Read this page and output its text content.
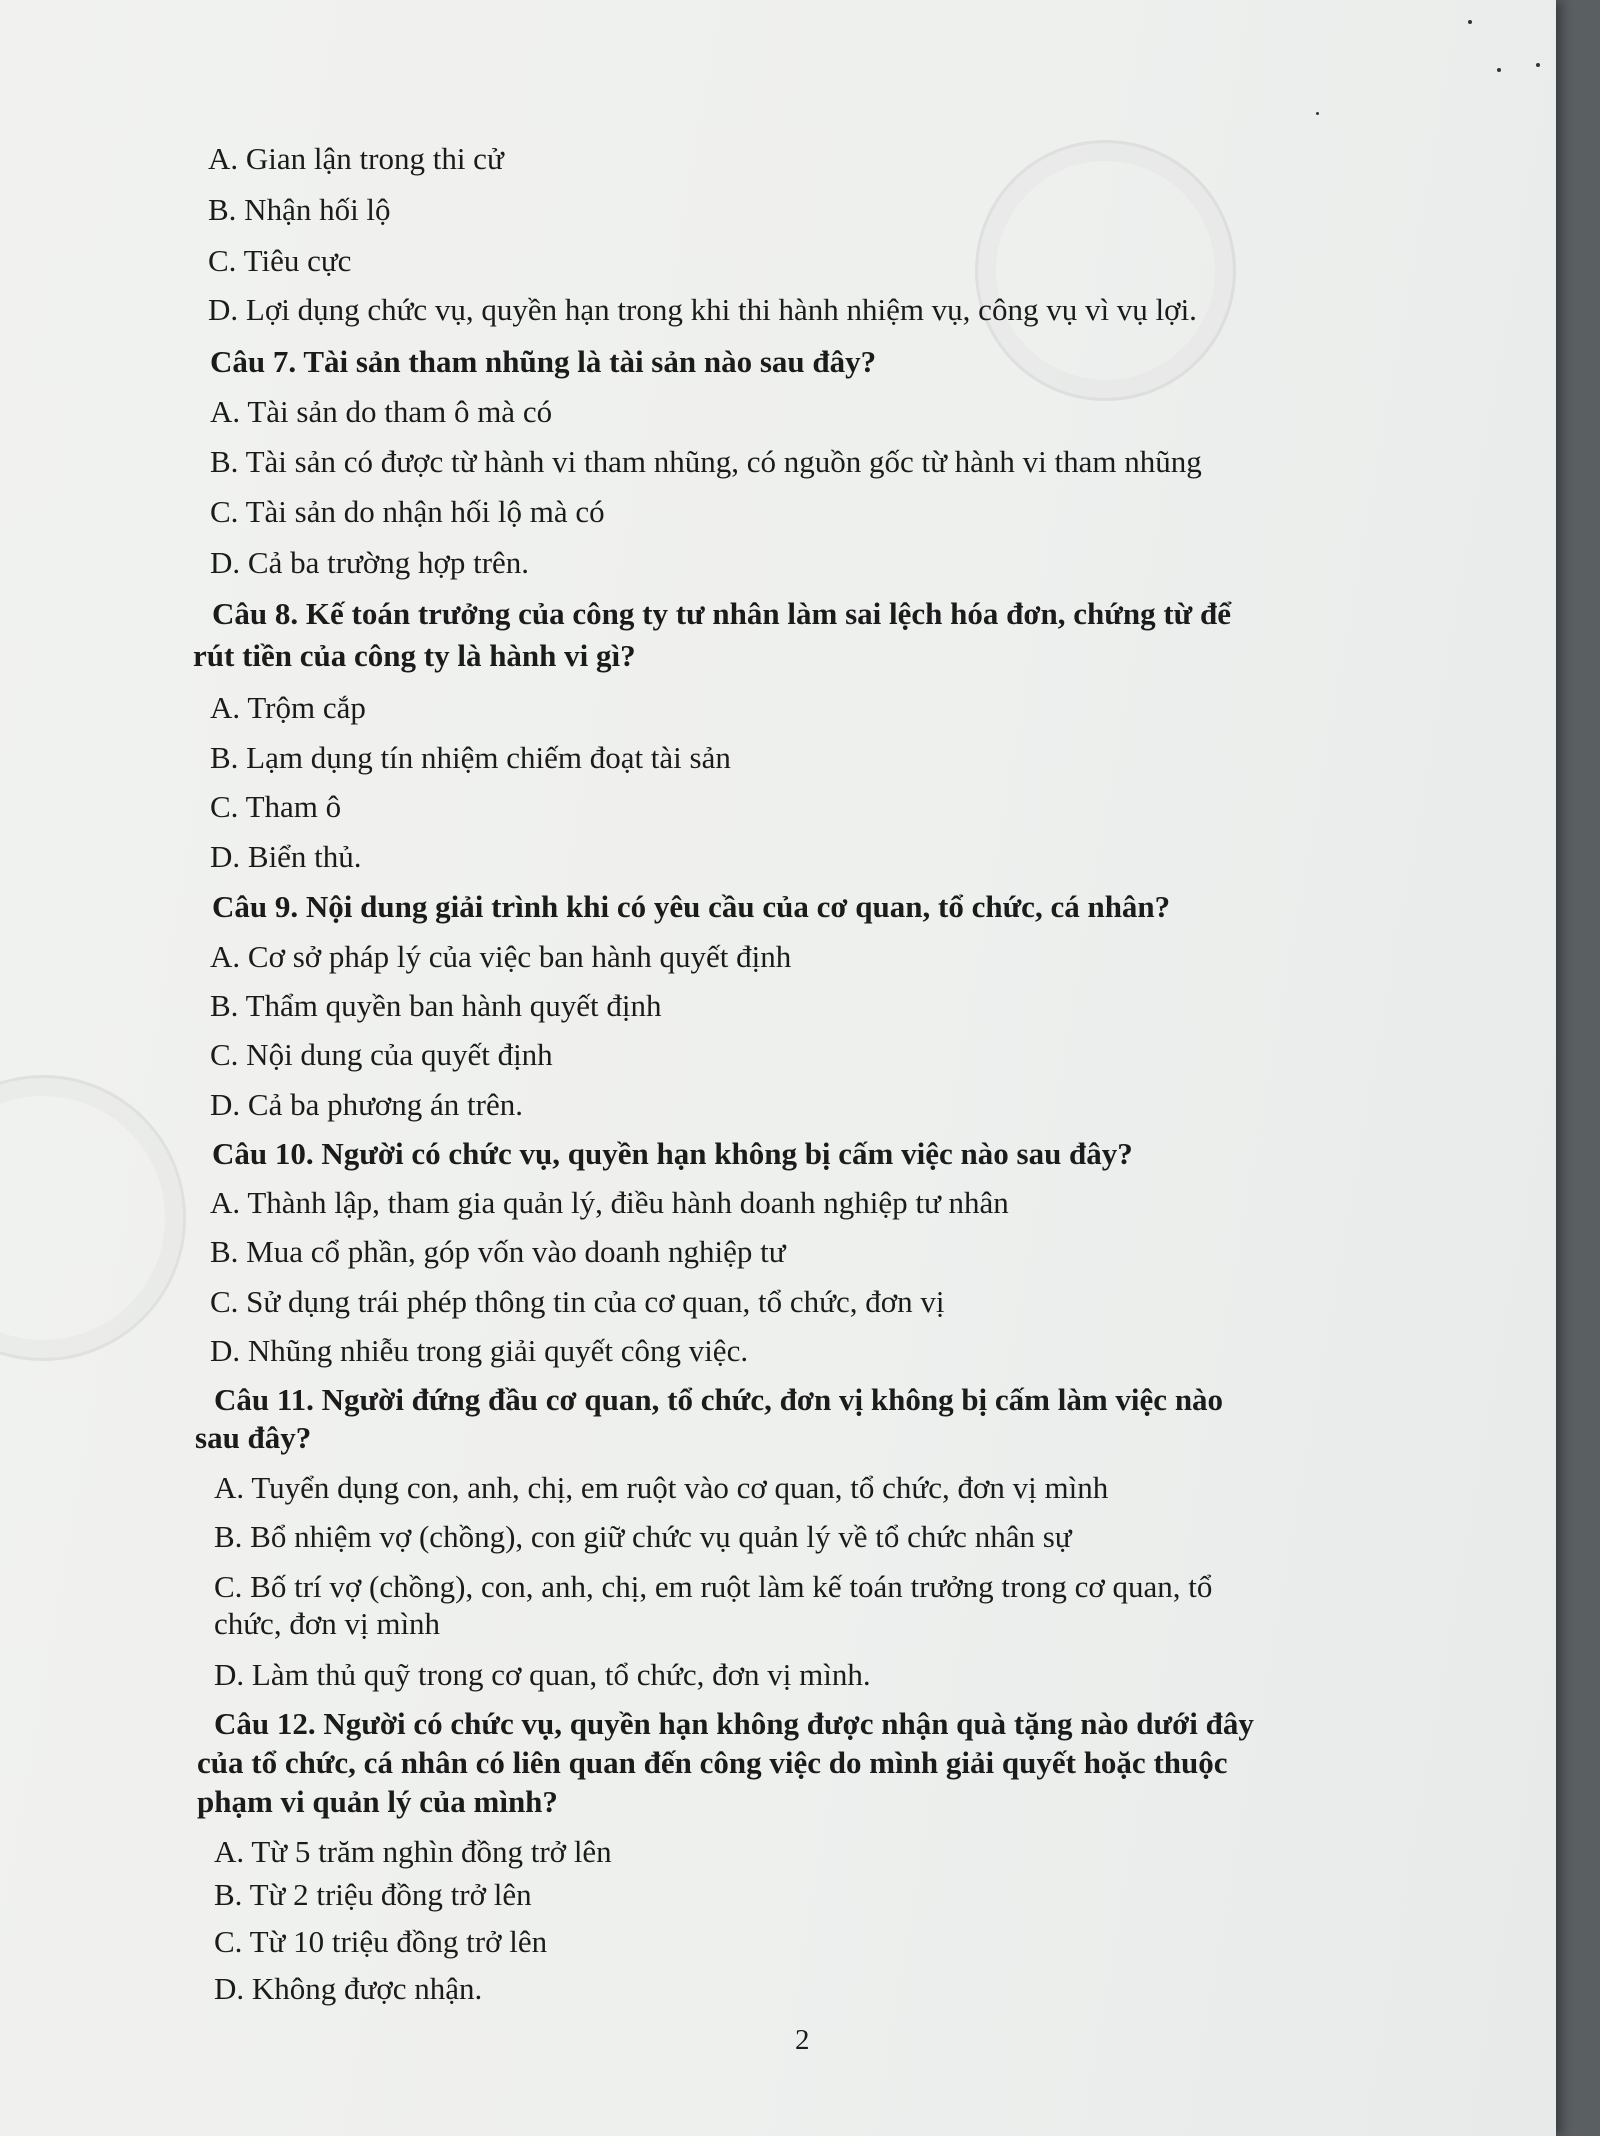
A. Gian lận trong thi cử
B. Nhận hối lộ
C. Tiêu cực
D. Lợi dụng chức vụ, quyền hạn trong khi thi hành nhiệm vụ, công vụ vì vụ lợi.
Câu 7. Tài sản tham nhũng là tài sản nào sau đây?
A. Tài sản do tham ô mà có
B. Tài sản có được từ hành vi tham nhũng, có nguồn gốc từ hành vi tham nhũng
C. Tài sản do nhận hối lộ mà có
D. Cả ba trường hợp trên.
Câu 8. Kế toán trưởng của công ty tư nhân làm sai lệch hóa đơn, chứng từ để
rút tiền của công ty là hành vi gì?
A. Trộm cắp
B. Lạm dụng tín nhiệm chiếm đoạt tài sản
C. Tham ô
D. Biển thủ.
Câu 9. Nội dung giải trình khi có yêu cầu của cơ quan, tổ chức, cá nhân?
A. Cơ sở pháp lý của việc ban hành quyết định
B. Thẩm quyền ban hành quyết định
C. Nội dung của quyết định
D. Cả ba phương án trên.
Câu 10. Người có chức vụ, quyền hạn không bị cấm việc nào sau đây?
A. Thành lập, tham gia quản lý, điều hành doanh nghiệp tư nhân
B. Mua cổ phần, góp vốn vào doanh nghiệp tư
C. Sử dụng trái phép thông tin của cơ quan, tổ chức, đơn vị
D. Nhũng nhiễu trong giải quyết công việc.
Câu 11. Người đứng đầu cơ quan, tổ chức, đơn vị không bị cấm làm việc nào
sau đây?
A. Tuyển dụng con, anh, chị, em ruột vào cơ quan, tổ chức, đơn vị mình
B. Bổ nhiệm vợ (chồng), con giữ chức vụ quản lý về tổ chức nhân sự
C. Bố trí vợ (chồng), con, anh, chị, em ruột làm kế toán trưởng trong cơ quan, tổ
chức, đơn vị mình
D. Làm thủ quỹ trong cơ quan, tổ chức, đơn vị mình.
Câu 12. Người có chức vụ, quyền hạn không được nhận quà tặng nào dưới đây
của tổ chức, cá nhân có liên quan đến công việc do mình giải quyết hoặc thuộc
phạm vi quản lý của mình?
A. Từ 5 trăm nghìn đồng trở lên
B. Từ 2 triệu đồng trở lên
C. Từ 10 triệu đồng trở lên
D. Không được nhận.
2
